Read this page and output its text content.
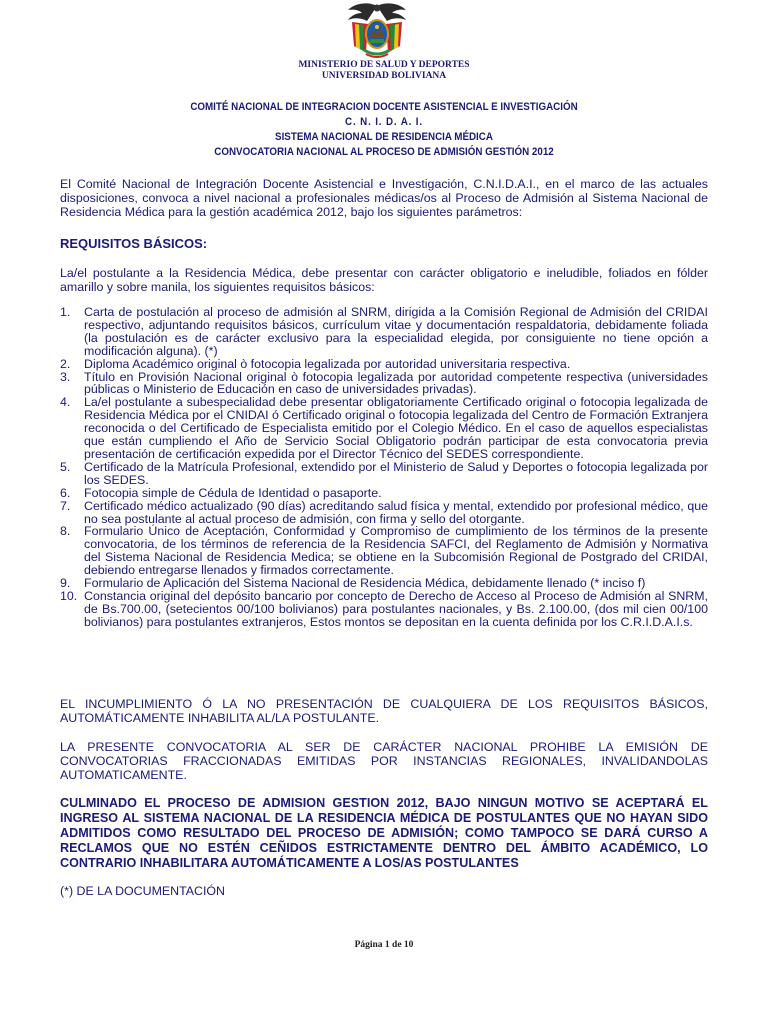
MINISTERIO DE SALUD Y DEPORTES
UNIVERSIDAD BOLIVIANA
COMITÉ NACIONAL DE INTEGRACION DOCENTE ASISTENCIAL E INVESTIGACIÓN
C. N. I. D. A. I.
SISTEMA NACIONAL DE RESIDENCIA MÉDICA
CONVOCATORIA NACIONAL AL PROCESO DE ADMISIÓN GESTIÓN 2012
El Comité Nacional de Integración Docente Asistencial e Investigación, C.N.I.D.A.I., en el marco de las actuales disposiciones, convoca a nivel nacional a profesionales médicas/os al Proceso de Admisión al Sistema Nacional de Residencia Médica para la gestión académica 2012, bajo los siguientes parámetros:
REQUISITOS BÁSICOS:
La/el postulante a la Residencia Médica, debe presentar con carácter obligatorio e ineludible, foliados en fólder amarillo y sobre manila, los siguientes requisitos básicos:
1. Carta de postulación al proceso de admisión al SNRM, dirigida a la Comisión Regional de Admisión del CRIDAI respectivo, adjuntando requisitos básicos, currículum vitae y documentación respaldatoria, debidamente foliada (la postulación es de carácter exclusivo para la especialidad elegida, por consiguiente no tiene opción a modificación alguna). (*)
2. Diploma Académico original ò fotocopia legalizada por autoridad universitaria respectiva.
3. Título en Provisión Nacional original ò fotocopia legalizada por autoridad competente respectiva (universidades públicas o Ministerio de Educación en caso de universidades privadas).
4. La/el postulante a subespecialidad debe presentar obligatoriamente Certificado original o fotocopia legalizada de Residencia Médica por el CNIDAI ó Certificado original o fotocopia legalizada del Centro de Formación Extranjera reconocida o del Certificado de Especialista emitido por el Colegio Médico. En el caso de aquellos especialistas que están cumpliendo el Año de Servicio Social Obligatorio podrán participar de esta convocatoria previa presentación de certificación expedida por el Director Técnico del SEDES correspondiente.
5. Certificado de la Matrícula Profesional, extendido por el Ministerio de Salud y Deportes o fotocopia legalizada por los SEDES.
6. Fotocopia simple de Cédula de Identidad o pasaporte.
7. Certificado médico actualizado (90 días) acreditando salud física y mental, extendido por profesional médico, que no sea postulante al actual proceso de admisión, con firma y sello del otorgante.
8. Formulario Único de Aceptación, Conformidad y Compromiso de cumplimiento de los términos de la presente convocatoria, de los términos de referencia de la Residencia SAFCI, del Reglamento de Admisión y Normativa del Sistema Nacional de Residencia Medica; se obtiene en la Subcomisión Regional de Postgrado del CRIDAI, debiendo entregarse llenados y firmados correctamente.
9. Formulario de Aplicación del Sistema Nacional de Residencia Médica, debidamente llenado (* inciso f)
10. Constancia original del depósito bancario por concepto de Derecho de Acceso al Proceso de Admisión al SNRM, de Bs.700.00, (setecientos 00/100 bolivianos) para postulantes nacionales, y Bs. 2.100.00, (dos mil cien 00/100 bolivianos) para postulantes extranjeros, Estos montos se depositan en la cuenta definida por los C.R.I.D.A.I.s.
EL INCUMPLIMIENTO Ó LA NO PRESENTACIÓN DE CUALQUIERA DE LOS REQUISITOS BÁSICOS, AUTOMÁTICAMENTE INHABILITA AL/LA POSTULANTE.
LA PRESENTE CONVOCATORIA AL SER DE CARÁCTER NACIONAL PROHIBE LA EMISIÓN DE CONVOCATORIAS FRACCIONADAS EMITIDAS POR INSTANCIAS REGIONALES, INVALIDANDOLAS AUTOMATICAMENTE.
CULMINADO EL PROCESO DE ADMISION GESTION 2012, BAJO NINGUN MOTIVO SE ACEPTARÁ EL INGRESO AL SISTEMA NACIONAL DE LA RESIDENCIA MÉDICA DE POSTULANTES QUE NO HAYAN SIDO ADMITIDOS COMO RESULTADO DEL PROCESO DE ADMISIÓN; COMO TAMPOCO SE DARÁ CURSO A RECLAMOS QUE NO ESTÉN CEÑIDOS ESTRICTAMENTE DENTRO DEL ÁMBITO ACADÉMICO, LO CONTRARIO INHABILITARA AUTOMÁTICAMENTE A LOS/AS POSTULANTES
(*) DE LA DOCUMENTACIÓN
Página 1 de 10
